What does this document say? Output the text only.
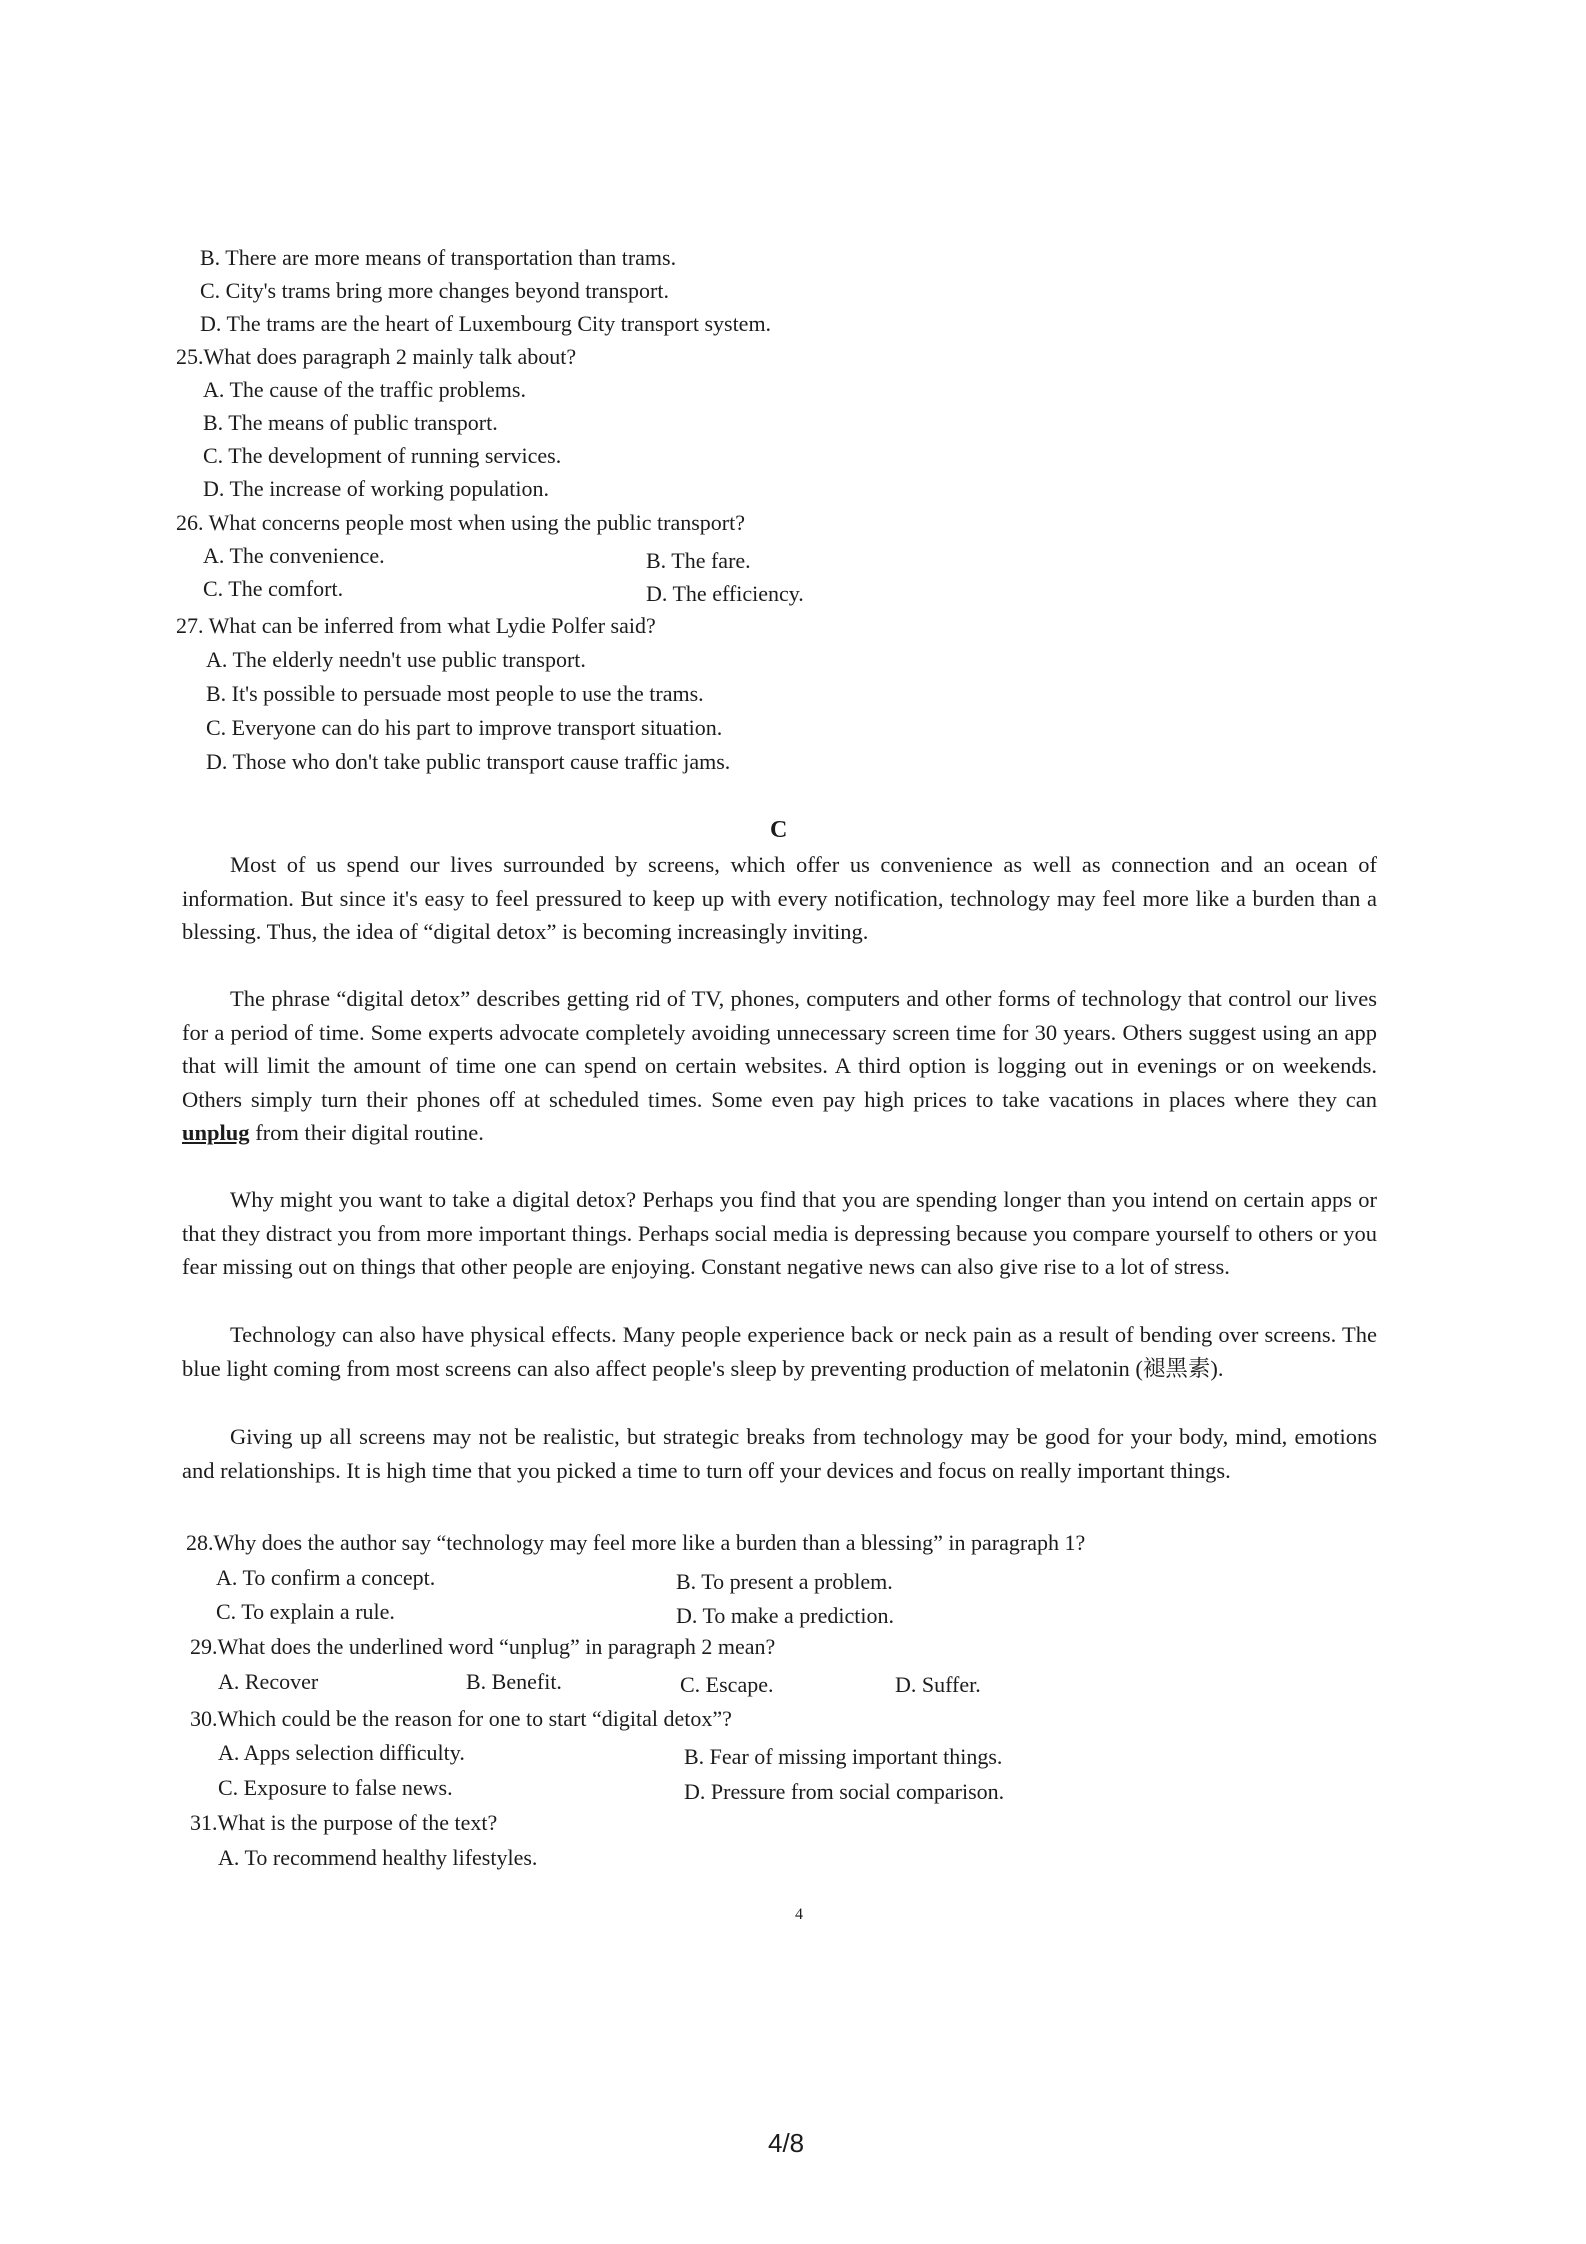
B. There are more means of transportation than trams.
C. City's trams bring more changes beyond transport.
D. The trams are the heart of Luxembourg City transport system.
25.What does paragraph 2 mainly talk about?
A. The cause of the traffic problems.
B. The means of public transport.
C. The development of running services.
D. The increase of working population.
26. What concerns people most when using the public transport?
A. The convenience.	B. The fare.
C. The comfort.	D. The efficiency.
27. What can be inferred from what Lydie Polfer said?
A. The elderly needn't use public transport.
B. It's possible to persuade most people to use the trams.
C. Everyone can do his part to improve transport situation.
D. Those who don't take public transport cause traffic jams.
C
Most of us spend our lives surrounded by screens, which offer us convenience as well as connection and an ocean of information. But since it's easy to feel pressured to keep up with every notification, technology may feel more like a burden than a blessing. Thus, the idea of “digital detox” is becoming increasingly inviting.
The phrase “digital detox” describes getting rid of TV, phones, computers and other forms of technology that control our lives for a period of time. Some experts advocate completely avoiding unnecessary screen time for 30 years. Others suggest using an app that will limit the amount of time one can spend on certain websites. A third option is logging out in evenings or on weekends. Others simply turn their phones off at scheduled times. Some even pay high prices to take vacations in places where they can unplug from their digital routine.
Why might you want to take a digital detox? Perhaps you find that you are spending longer than you intend on certain apps or that they distract you from more important things. Perhaps social media is depressing because you compare yourself to others or you fear missing out on things that other people are enjoying. Constant negative news can also give rise to a lot of stress.
Technology can also have physical effects. Many people experience back or neck pain as a result of bending over screens. The blue light coming from most screens can also affect people's sleep by preventing production of melatonin (褪黑素).
Giving up all screens may not be realistic, but strategic breaks from technology may be good for your body, mind, emotions and relationships. It is high time that you picked a time to turn off your devices and focus on really important things.
28.Why does the author say “technology may feel more like a burden than a blessing” in paragraph 1?
A. To confirm a concept.	B. To present a problem.
C. To explain a rule.	D. To make a prediction.
29.What does the underlined word “unplug” in paragraph 2 mean?
A. Recover	B. Benefit.	C. Escape.	D. Suffer.
30.Which could be the reason for one to start “digital detox”?
A. Apps selection difficulty.	B. Fear of missing important things.
C. Exposure to false news.	D. Pressure from social comparison.
31.What is the purpose of the text?
A. To recommend healthy lifestyles.
4
4/8
